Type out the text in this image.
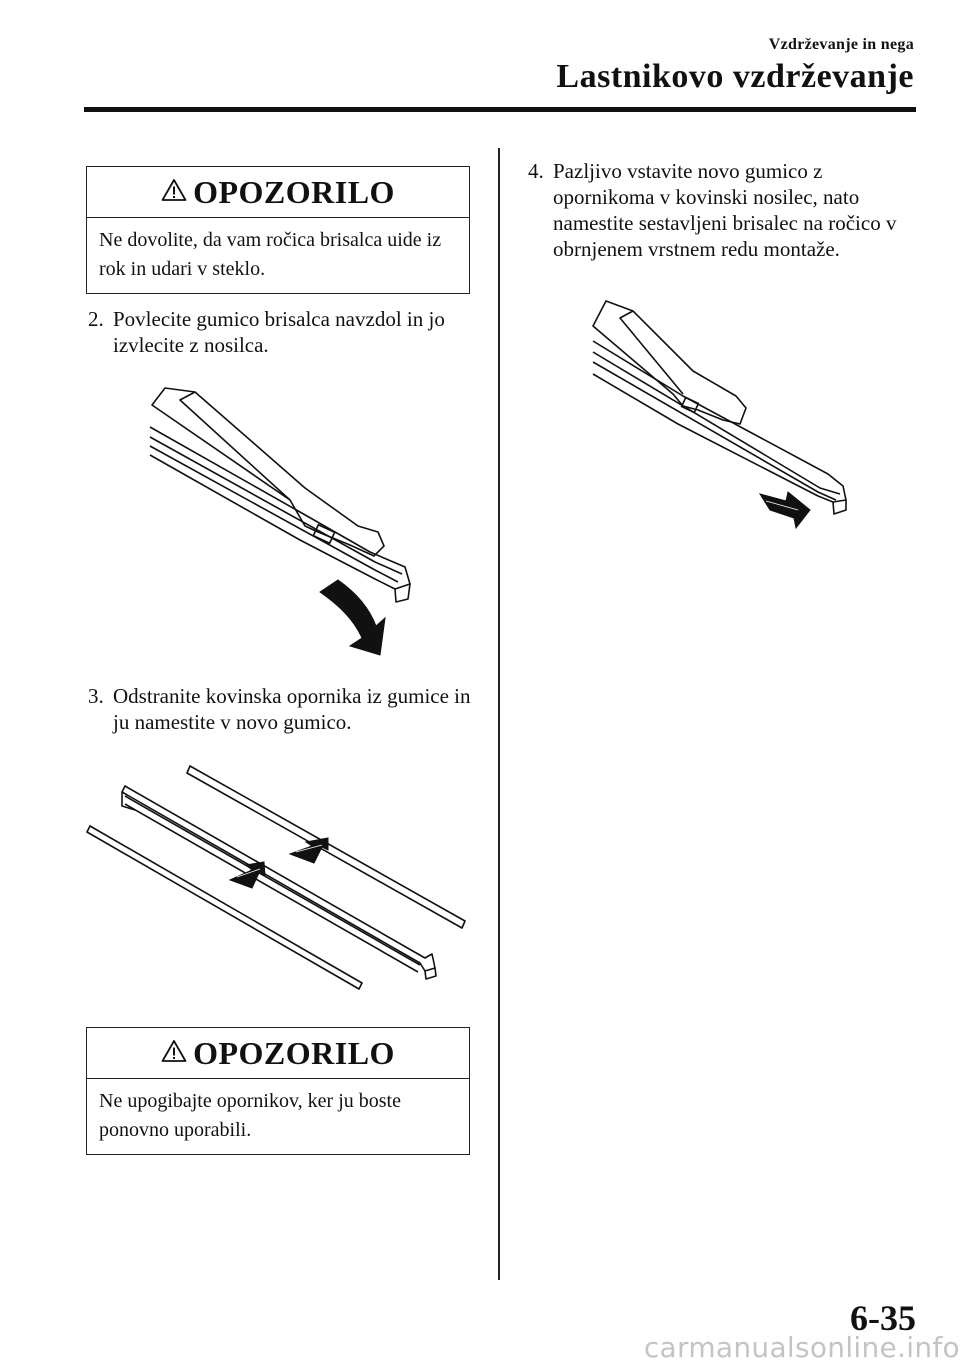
Vzdrževanje in nega
Lastnikovo vzdrževanje
OPOZORILO
Ne dovolite, da vam ročica brisalca uide iz rok in udari v steklo.
2. Povlecite gumico brisalca navzdol in jo izvlecite z nosilca.
3. Odstranite kovinska opornika iz gumice in ju namestite v novo gumico.
OPOZORILO
Ne upogibajte opornikov, ker ju boste ponovno uporabili.
4. Pazljivo vstavite novo gumico z opornikoma v kovinski nosilec, nato namestite sestavljeni brisalec na ročico v obrnjenem vrstnem redu montaže.
6-35
carmanualsonline.info
